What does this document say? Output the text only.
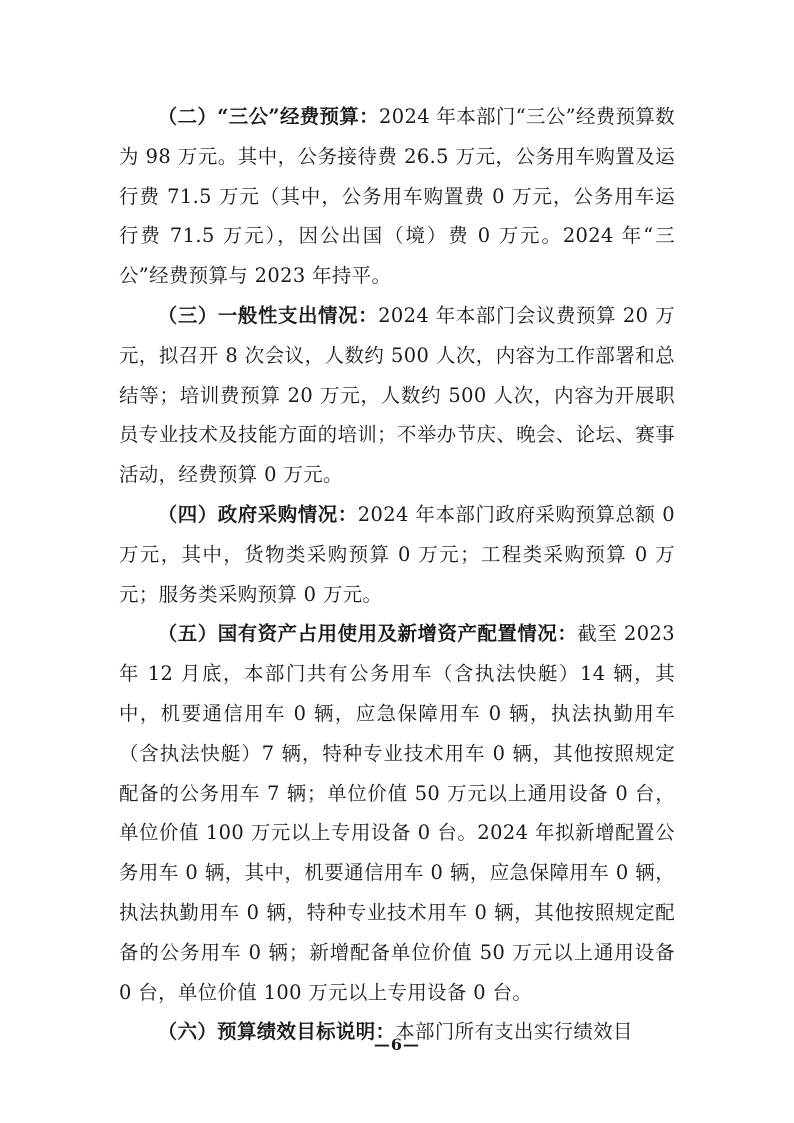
（二）“三公”经费预算：2024 年本部门“三公”经费预算数为 98 万元。其中，公务接待费 26.5 万元，公务用车购置及运行费 71.5 万元（其中，公务用车购置费 0 万元，公务用车运行费 71.5 万元），因公出国（境）费 0 万元。2024 年“三公”经费预算与 2023 年持平。

（三）一般性支出情况：2024 年本部门会议费预算 20 万元，拟召开 8 次会议，人数约 500 人次，内容为工作部署和总结等；培训费预算 20 万元，人数约 500 人次，内容为开展职员专业技术及技能方面的培训；不举办节庆、晚会、论坛、赛事活动，经费预算 0 万元。

（四）政府采购情况：2024 年本部门政府采购预算总额 0 万元，其中，货物类采购预算 0 万元；工程类采购预算 0 万元；服务类采购预算 0 万元。

（五）国有资产占用使用及新增资产配置情况：截至 2023 年 12 月底，本部门共有公务用车（含执法快艇）14 辆，其中，机要通信用车 0 辆，应急保障用车 0 辆，执法执勤用车（含执法快艇）7 辆，特种专业技术用车 0 辆，其他按照规定配备的公务用车 7 辆；单位价值 50 万元以上通用设备 0 台，单位价值 100 万元以上专用设备 0 台。2024 年拟新增配置公务用车 0 辆，其中，机要通信用车 0 辆，应急保障用车 0 辆，执法执勤用车 0 辆，特种专业技术用车 0 辆，其他按照规定配备的公务用车 0 辆；新增配备单位价值 50 万元以上通用设备 0 台，单位价值 100 万元以上专用设备 0 台。

（六）预算绩效目标说明：本部门所有支出实行绩效目

—6—
